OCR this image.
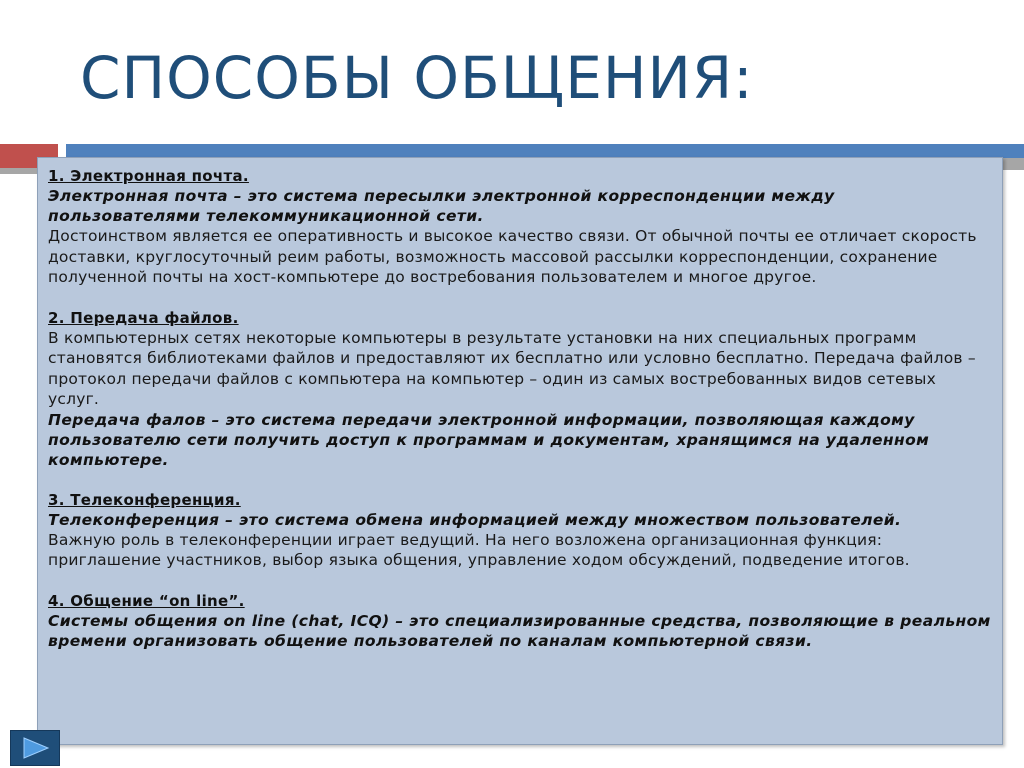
СПОСОБЫ ОБЩЕНИЯ:
1. Электронная почта.
Электронная почта – это система пересылки электронной корреспонденции между пользователями телекоммуникационной сети.
Достоинством является ее оперативность и высокое качество связи. От обычной почты ее отличает скорость доставки, круглосуточный реим работы, возможность массовой рассылки корреспонденции, сохранение полученной почты на хост-компьютере до востребования пользователем и многое другое.
2. Передача файлов.
В компьютерных сетях некоторые компьютеры в результате установки на них специальных программ становятся библиотеками файлов и предоставляют их бесплатно или условно бесплатно. Передача файлов – протокол передачи файлов с компьютера на компьютер – один из самых востребованных видов сетевых услуг.
Передача фалов – это система передачи электронной информации, позволяющая каждому пользователю сети получить доступ к программам и документам, хранящимся на удаленном компьютере.
3. Телеконференция.
Телеконференция – это система обмена информацией между множеством пользователей.
Важную роль в телеконференции играет ведущий. На него возложена организационная функция: приглашение участников, выбор языка общения, управление ходом обсуждений, подведение итогов.
4. Общение “on line”.
Системы общения on line (chat, ICQ) – это специализированные средства, позволяющие в реальном времени организовать общение пользователей по каналам компьютерной связи.
